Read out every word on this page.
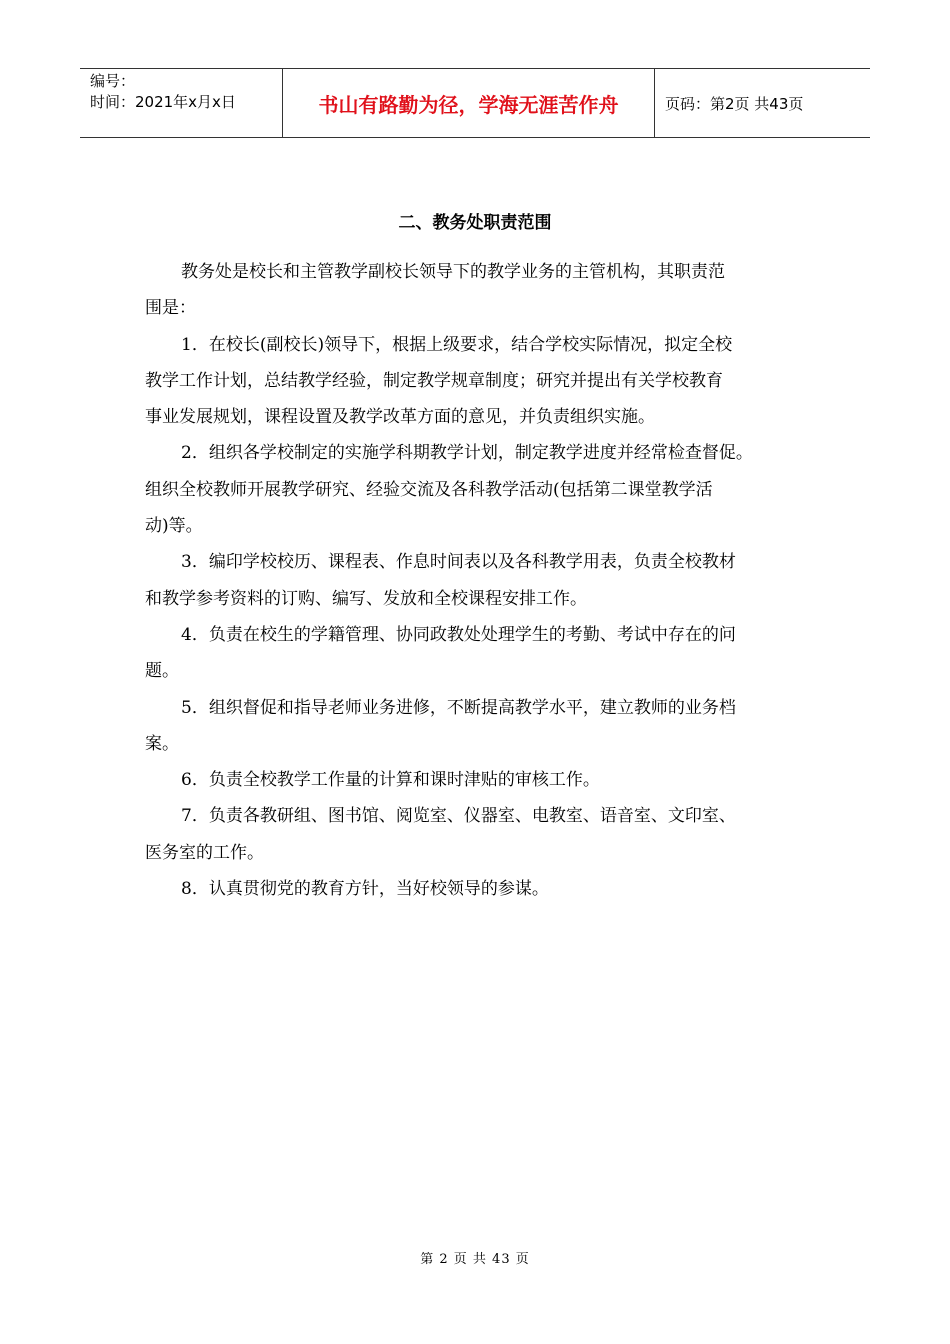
编号：
时间：2021年x月x日	书山有路勤为径，学海无涯苦作舟	页码：第2页 共43页
二、教务处职责范围
教务处是校长和主管教学副校长领导下的教学业务的主管机构，其职责范
围是：
1．在校长(副校长)领导下，根据上级要求，结合学校实际情况，拟定全校
教学工作计划，总结教学经验，制定教学规章制度；研究并提出有关学校教育
事业发展规划，课程设置及教学改革方面的意见，并负责组织实施。
2．组织各学校制定的实施学科期教学计划，制定教学进度并经常检查督促。
组织全校教师开展教学研究、经验交流及各科教学活动(包括第二课堂教学活
动)等。
3．编印学校校历、课程表、作息时间表以及各科教学用表，负责全校教材
和教学参考资料的订购、编写、发放和全校课程安排工作。
4．负责在校生的学籍管理、协同政教处处理学生的考勤、考试中存在的问
题。
5．组织督促和指导老师业务进修，不断提高教学水平，建立教师的业务档
案。
6．负责全校教学工作量的计算和课时津贴的审核工作。
7．负责各教研组、图书馆、阅览室、仪器室、电教室、语音室、文印室、
医务室的工作。
8．认真贯彻党的教育方针，当好校领导的参谋。
第 2 页 共 43 页
